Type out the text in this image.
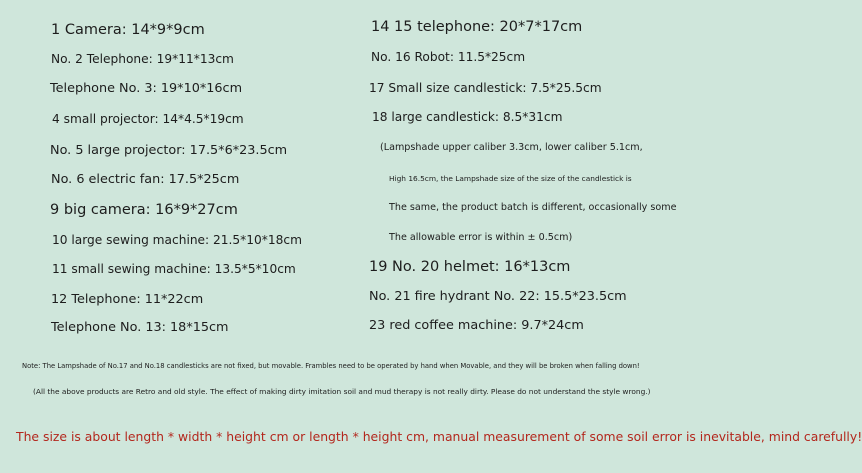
1 Camera: 14*9*9cm
No. 2 Telephone: 19*11*13cm
Telephone No. 3: 19*10*16cm
4 small projector: 14*4.5*19cm
No. 5 large projector: 17.5*6*23.5cm
No. 6 electric fan: 17.5*25cm
9 big camera: 16*9*27cm
10 large sewing machine: 21.5*10*18cm
11 small sewing machine: 13.5*5*10cm
12 Telephone: 11*22cm
Telephone No. 13: 18*15cm
14 15 telephone: 20*7*17cm
No. 16 Robot: 11.5*25cm
17 Small size candlestick: 7.5*25.5cm
18 large candlestick: 8.5*31cm
(Lampshade upper caliber 3.3cm, lower caliber 5.1cm,
High 16.5cm, the Lampshade size of the size of the candlestick is
The same, the product batch is different, occasionally some
The allowable error is within ± 0.5cm)
19 No. 20 helmet: 16*13cm
No. 21 fire hydrant No. 22: 15.5*23.5cm
23 red coffee machine: 9.7*24cm
Note: The Lampshade of No.17 and No.18 candlesticks are not fixed, but movable. Frambles need to be operated by hand when Movable, and they will be broken when falling down!
(All the above products are Retro and old style. The effect of making dirty imitation soil and mud therapy is not really dirty. Please do not understand the style wrong.)
The size is about length * width * height cm or length * height cm, manual measurement of some soil error is inevitable, mind carefully!
